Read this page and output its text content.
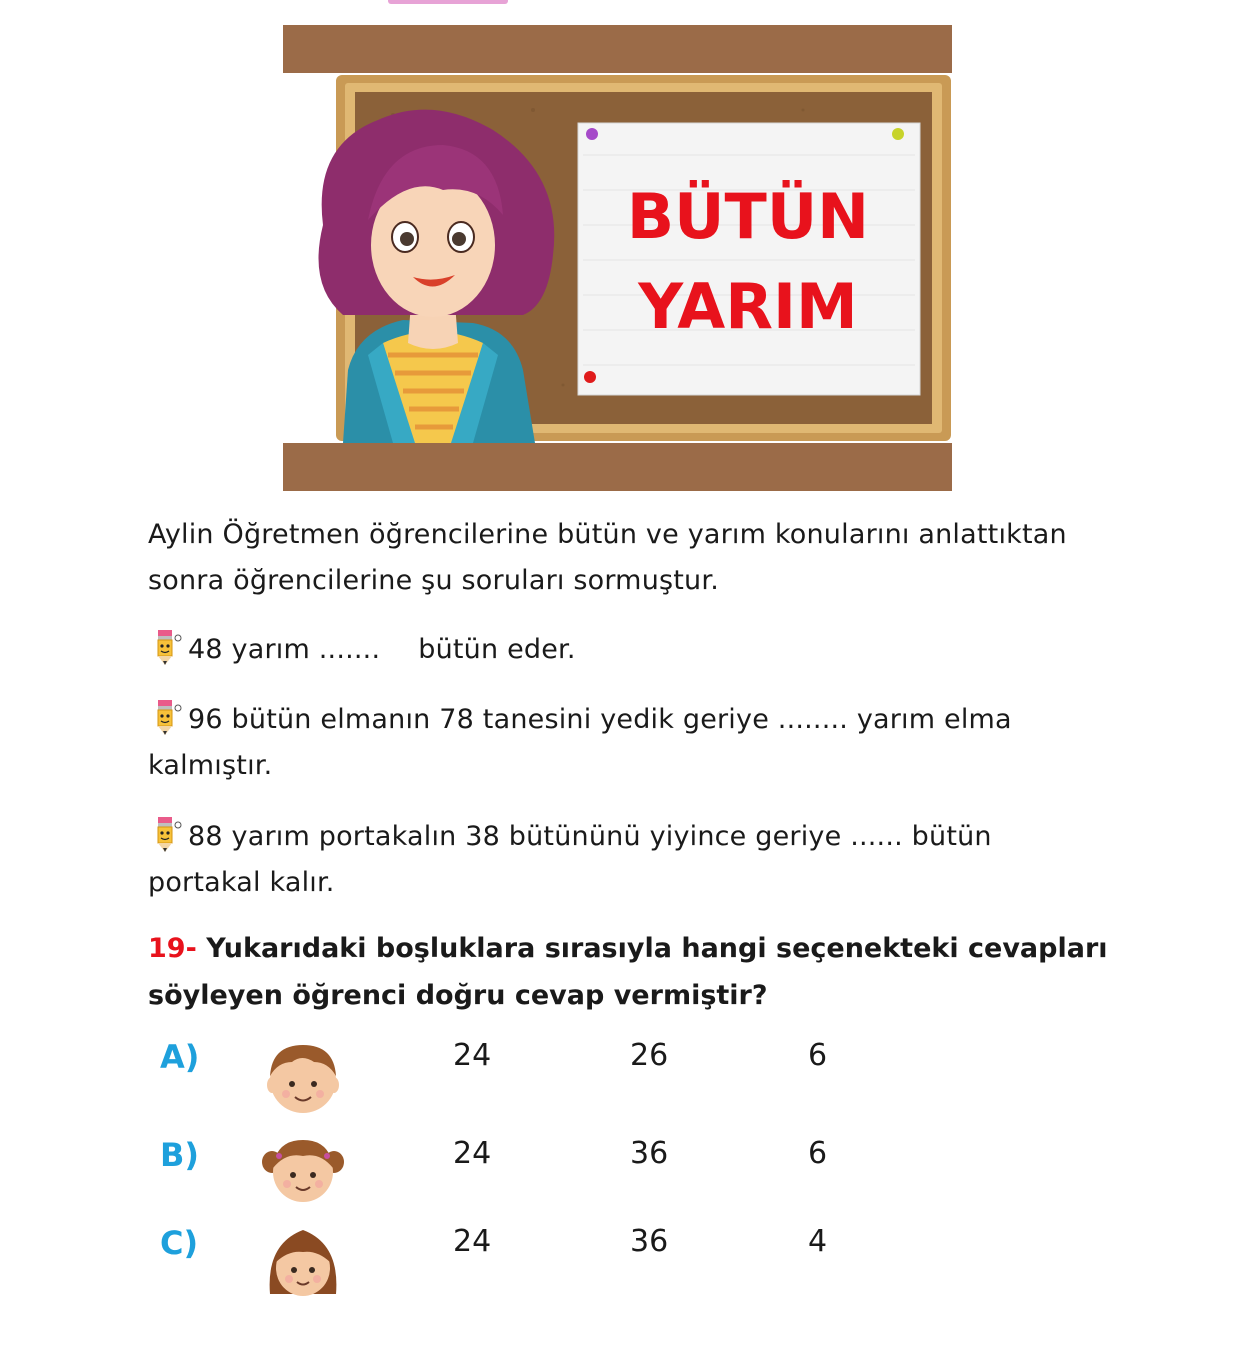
BÜTÜN
YARIM
Aylin Öğretmen öğrencilerine bütün ve yarım konularını anlattıktan
sonra öğrencilerine şu soruları sormuştur.
48 yarım ....... bütün eder.
96 bütün elmanın 78 tanesini yedik geriye ........ yarım elma
kalmıştır.
88 yarım portakalın 38 bütününü yiyince geriye ...... bütün
portakal kalır.
19- Yukarıdaki boşluklara sırasıyla hangi seçenekteki cevapları
söyleyen öğrenci doğru cevap vermiştir?
A)	24	26	6
B)	24	36	6
C)	24	36	4
